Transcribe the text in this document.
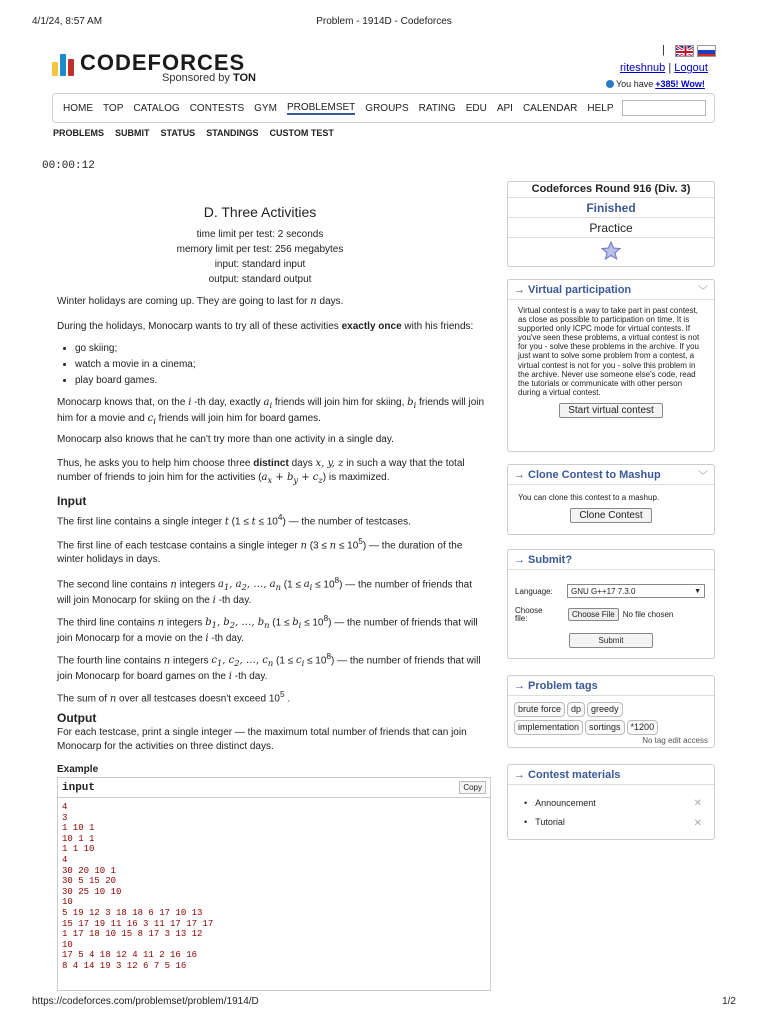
4/1/24, 8:57 AM	Problem - 1914D - Codeforces
CODEFORCES
Sponsored by TON
|
riteshnub | Logout
You have +385! Wow!
HOME TOP CATALOG CONTESTS GYM PROBLEMSET GROUPS RATING EDU API CALENDAR HELP
PROBLEMS SUBMIT STATUS STANDINGS CUSTOM TEST
00:00:12
D. Three Activities
time limit per test: 2 seconds
memory limit per test: 256 megabytes
input: standard input
output: standard output
Winter holidays are coming up. They are going to last for n days.
During the holidays, Monocarp wants to try all of these activities exactly once with his friends:
• go skiing;
• watch a movie in a cinema;
• play board games.
Monocarp knows that, on the i -th day, exactly $a_i$ friends will join him for skiing, $b_i$ friends will join him for a movie and $c_i$ friends will join him for board games.
Monocarp also knows that he can't try more than one activity in a single day.
Thus, he asks you to help him choose three distinct days x, y, z in such a way that the total number of friends to join him for the activities $(a_x + b_y + c_z)$ is maximized.
Input
The first line contains a single integer t $(1 \le t \le 10^4)$ — the number of testcases.
The first line of each testcase contains a single integer n $(3 \le n \le 10^5)$ — the duration of the winter holidays in days.
The second line contains n integers $a_1$, $a_2$, …, $a_n$ $(1 \le a_i \le 10^8)$ — the number of friends that will join Monocarp for skiing on the i -th day.
The third line contains n integers $b_1$, $b_2$, …, $b_n$ $(1 \le b_i \le 10^8)$ — the number of friends that will join Monocarp for a movie on the i -th day.
The fourth line contains n integers $c_1$, $c_2$, …, $c_n$ $(1 \le c_i \le 10^8)$ — the number of friends that will join Monocarp for board games on the i -th day.
The sum of n over all testcases doesn't exceed $10^5$ .
Output
For each testcase, print a single integer — the maximum total number of friends that can join Monocarp for the activities on three distinct days.
Example
input	Copy
4
3
1 10 1
10 1 1
1 1 10
4
30 20 10 1
30 5 15 20
30 25 10 10
10
5 19 12 3 18 18 6 17 10 13
15 17 19 11 16 3 11 17 17 17
1 17 18 10 15 8 17 3 13 12
10
17 5 4 18 12 4 11 2 16 16
8 4 14 19 3 12 6 7 5 16
Codeforces Round 916 (Div. 3)
Finished
Practice
→ Virtual participation	﹀
Virtual contest is a way to take part in past contest, as close as possible to participation on time. It is supported only ICPC mode for virtual contests. If you've seen these problems, a virtual contest is not for you - solve these problems in the archive. If you just want to solve some problem from a contest, a virtual contest is not for you - solve this problem in the archive. Never use someone else's code, read the tutorials or communicate with other person during a virtual contest.
Start virtual contest
→ Clone Contest to Mashup	﹀
You can clone this contest to a mashup.
Clone Contest
→ Submit?
Language: GNU G++17 7.3.0	▼
Choose file:	Choose File	No file chosen
Submit
→ Problem tags
brute force dp greedy
implementation sortings *1200
No tag edit access
→ Contest materials
• Announcement	✕
• Tutorial	✕
https://codeforces.com/problemset/problem/1914/D	1/2
